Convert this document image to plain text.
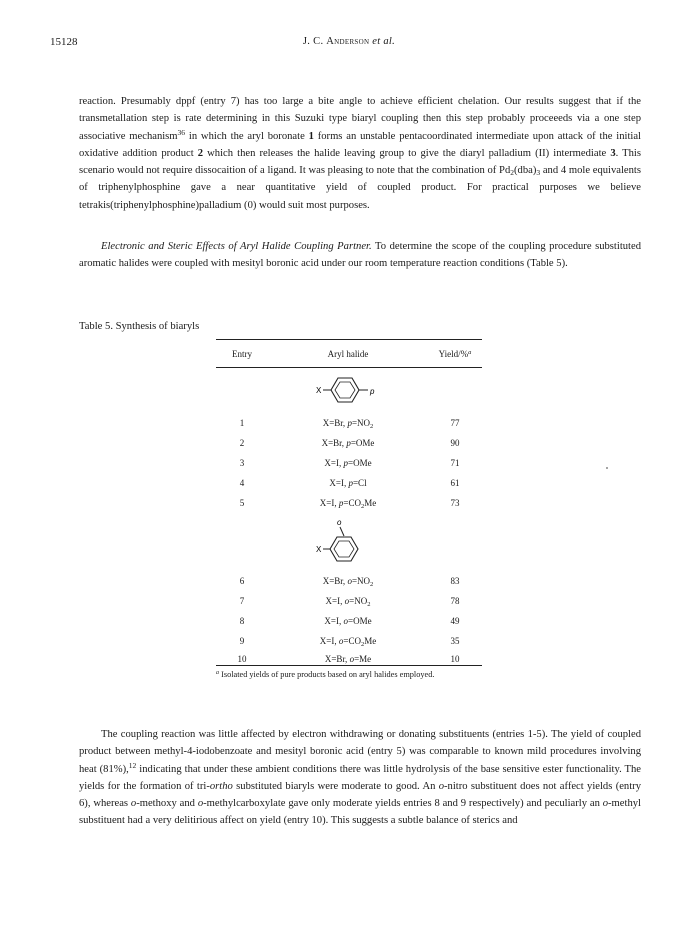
15128	J. C. Anderson et al.
reaction. Presumably dppf (entry 7) has too large a bite angle to achieve efficient chelation. Our results suggest that if the transmetallation step is rate determining in this Suzuki type biaryl coupling then this step probably proceeeds via a one step associative mechanism$^{36}$ in which the aryl boronate 1 forms an unstable pentacoordinated intermediate upon attack of the initial oxidative addition product 2 which then releases the halide leaving group to give the diaryl palladium (II) intermediate 3. This scenario would not require dissocaition of a ligand. It was pleasing to note that the combination of $Pd_2(dba)_3$ and 4 mole equivalents of triphenylphosphine gave a near quantitative yield of coupled product. For practical purposes we believe tetrakis(triphenylphosphine)palladium (0) would suit most purposes.
Electronic and Steric Effects of Aryl Halide Coupling Partner. To determine the scope of the coupling procedure substituted aromatic halides were coupled with mesityl boronic acid under our room temperature reaction conditions (Table 5).
Table 5. Synthesis of biaryls
Entry	Aryl halide	Yield/%$^a$
X	p
o
X
1	X=Br, $p=NO_2$	77
2	X=Br, p=OMe	90
3	X=I, p=OMe	71
4	X=I, p=Cl	61
5	X=I, $p=CO_2Me$	73
6	X=Br, $o=NO_2$	83
7	X=I, $o=NO_2$	78
8	X=I, o=OMe	49
9	X=I, $o=CO_2Me$	35
10	X=Br, o=Me	10
$^a$ Isolated yields of pure products based on aryl halides employed.
The coupling reaction was little affected by electron withdrawing or donating substituents (entries 1-5). The yield of coupled product between methyl-4-iodobenzoate and mesityl boronic acid (entry 5) was comparable to known mild procedures involving heat (81%),$^{12}$ indicating that under these ambient conditions there was little hydrolysis of the base sensitive ester functionality. The yields for the formation of tri-ortho substituted biaryls were moderate to good. An o-nitro substituent does not affect yields (entry 6), whereas o-methoxy and o-methylcarboxylate gave only moderate yields entries 8 and 9 respectively) and peculiarly an o-methyl substituent had a very delitirious affect on yield (entry 10). This suggests a subtle balance of sterics and
